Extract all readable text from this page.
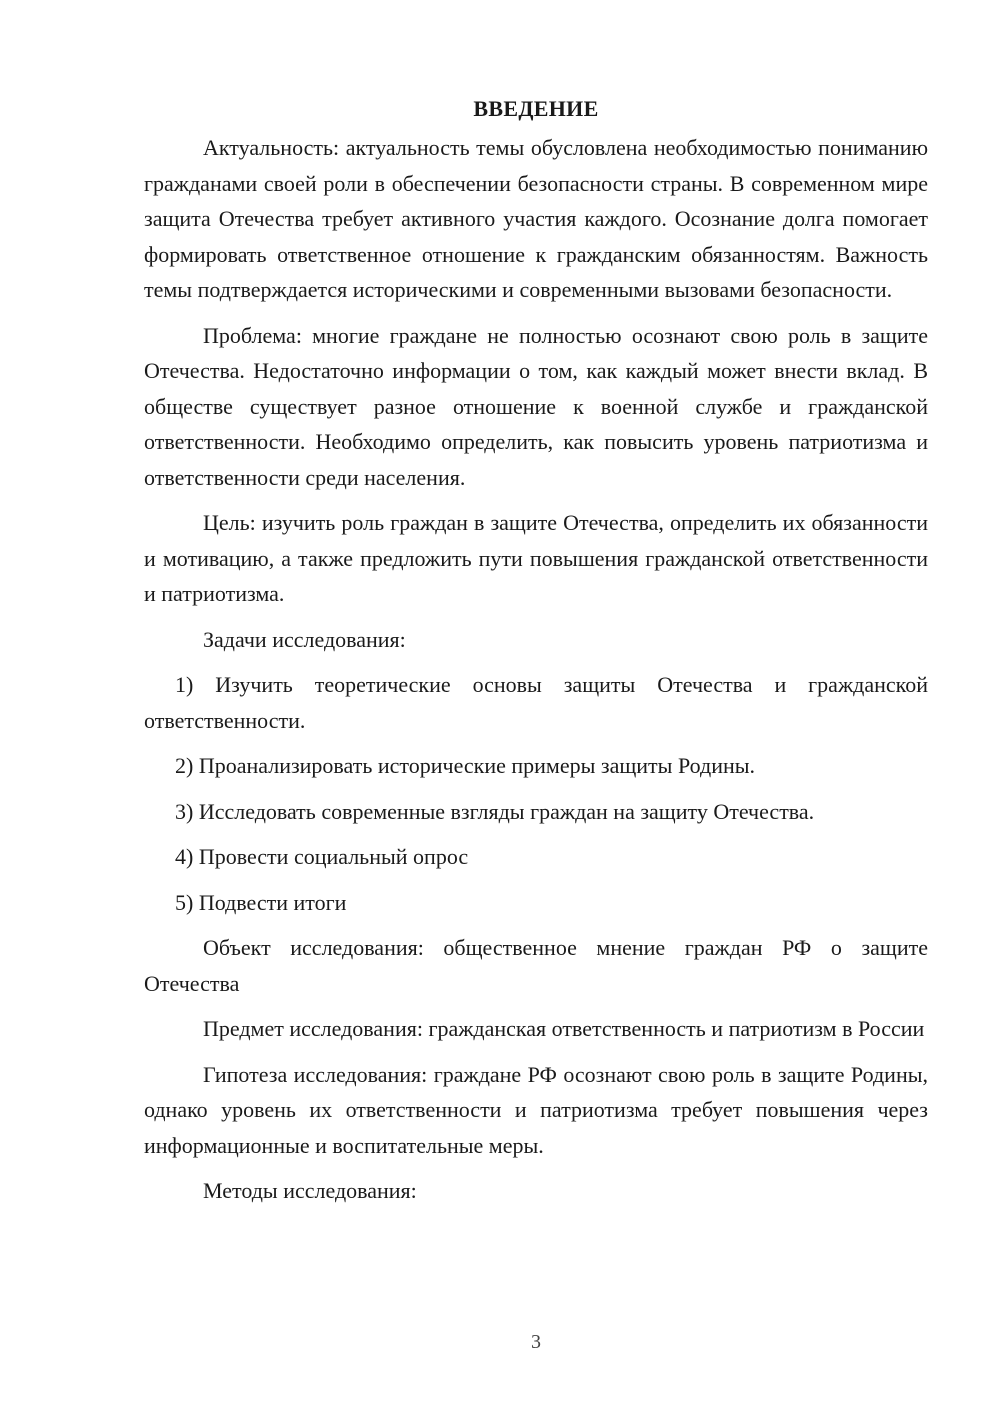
ВВЕДЕНИЕ

Актуальность: актуальность темы обусловлена необходимостью пониманию гражданами своей роли в обеспечении безопасности страны. В современном мире защита Отечества требует активного участия каждого. Осознание долга помогает формировать ответственное отношение к гражданским обязанностям. Важность темы подтверждается историческими и современными вызовами безопасности.

Проблема: многие граждане не полностью осознают свою роль в защите Отечества. Недостаточно информации о том, как каждый может внести вклад. В обществе существует разное отношение к военной службе и гражданской ответственности. Необходимо определить, как повысить уровень патриотизма и ответственности среди населения.

Цель: изучить роль граждан в защите Отечества, определить их обязанности и мотивацию, а также предложить пути повышения гражданской ответственности и патриотизма.

Задачи исследования:

1) Изучить теоретические основы защиты Отечества и гражданской ответственности.
2) Проанализировать исторические примеры защиты Родины.
3) Исследовать современные взгляды граждан на защиту Отечества.
4) Провести социальный опрос
5) Подвести итоги

Объект исследования: общественное мнение граждан РФ о защите Отечества

Предмет исследования: гражданская ответственность и патриотизм в России

Гипотеза исследования: граждане РФ осознают свою роль в защите Родины, однако уровень их ответственности и патриотизма требует повышения через информационные и воспитательные меры.

Методы исследования:

3
